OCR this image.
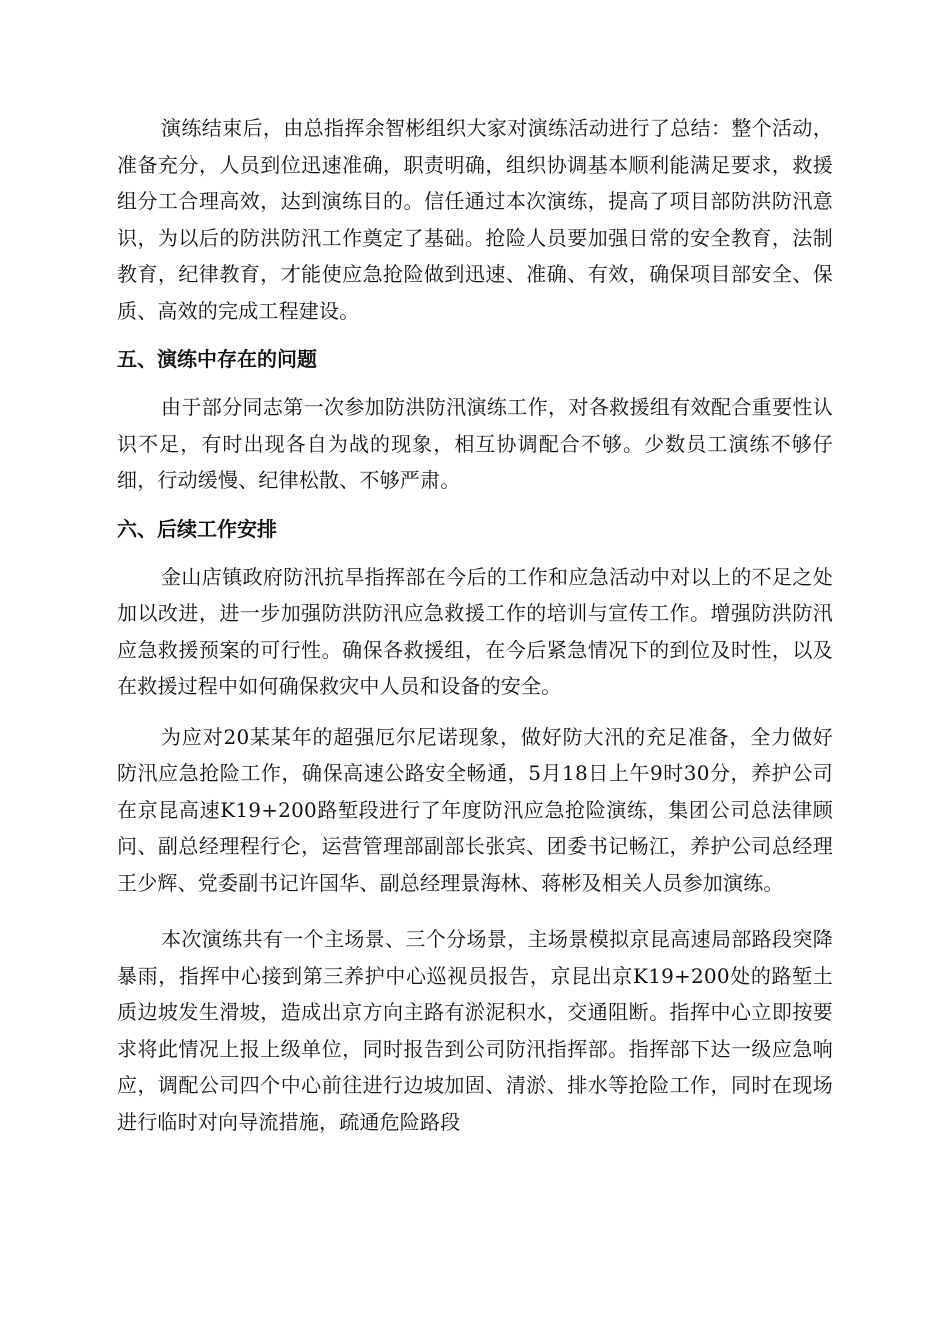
演练结束后，由总指挥余智彬组织大家对演练活动进行了总结：整个活动，准备充分，人员到位迅速准确，职责明确，组织协调基本顺利能满足要求，救援组分工合理高效，达到演练目的。信任通过本次演练，提高了项目部防洪防汛意识，为以后的防洪防汛工作奠定了基础。抢险人员要加强日常的安全教育，法制教育，纪律教育，才能使应急抢险做到迅速、准确、有效，确保项目部安全、保质、高效的完成工程建设。

五、演练中存在的问题

由于部分同志第一次参加防洪防汛演练工作，对各救援组有效配合重要性认识不足，有时出现各自为战的现象，相互协调配合不够。少数员工演练不够仔细，行动缓慢、纪律松散、不够严肃。

六、后续工作安排

金山店镇政府防汛抗旱指挥部在今后的工作和应急活动中对以上的不足之处加以改进，进一步加强防洪防汛应急救援工作的培训与宣传工作。增强防洪防汛应急救援预案的可行性。确保各救援组，在今后紧急情况下的到位及时性，以及在救援过程中如何确保救灾中人员和设备的安全。

为应对20某某年的超强厄尔尼诺现象，做好防大汛的充足准备，全力做好防汛应急抢险工作，确保高速公路安全畅通，5月18日上午9时30分，养护公司在京昆高速K19+200路堑段进行了年度防汛应急抢险演练，集团公司总法律顾问、副总经理程行仑，运营管理部副部长张宾、团委书记畅江，养护公司总经理王少辉、党委副书记许国华、副总经理景海林、蒋彬及相关人员参加演练。

本次演练共有一个主场景、三个分场景，主场景模拟京昆高速局部路段突降暴雨，指挥中心接到第三养护中心巡视员报告，京昆出京K19+200处的路堑土质边坡发生滑坡，造成出京方向主路有淤泥积水，交通阻断。指挥中心立即按要求将此情况上报上级单位，同时报告到公司防汛指挥部。指挥部下达一级应急响应，调配公司四个中心前往进行边坡加固、清淤、排水等抢险工作，同时在现场进行临时对向导流措施，疏通危险路段
